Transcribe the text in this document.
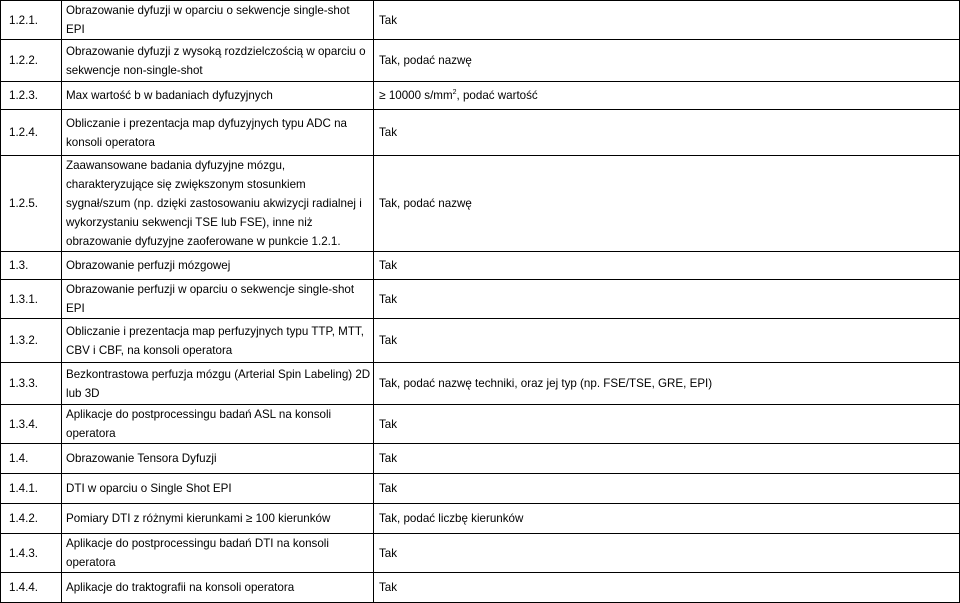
1.2.1.	Obrazowanie dyfuzji w oparciu o sekwencje single-shot EPI	Tak
1.2.2.	Obrazowanie dyfuzji z wysoką rozdzielczością w oparciu o sekwencje non-single-shot	Tak, podać nazwę
1.2.3.	Max wartość b w badaniach dyfuzyjnych	≥ 10000 $s/mm^2$, podać wartość
1.2.4.	Obliczanie i prezentacja map dyfuzyjnych typu ADC na konsoli operatora	Tak
1.2.5.	Zaawansowane badania dyfuzyjne mózgu, charakteryzujące się zwiększonym stosunkiem sygnał/szum (np. dzięki zastosowaniu akwizycji radialnej i wykorzystaniu sekwencji TSE lub FSE), inne niż obrazowanie dyfuzyjne zaoferowane w punkcie 1.2.1.	Tak, podać nazwę
1.3.	Obrazowanie perfuzji mózgowej	Tak
1.3.1.	Obrazowanie perfuzji w oparciu o sekwencje single-shot EPI	Tak
1.3.2.	Obliczanie i prezentacja map perfuzyjnych typu TTP, MTT, CBV i CBF, na konsoli operatora	Tak
1.3.3.	Bezkontrastowa perfuzja mózgu (Arterial Spin Labeling) 2D lub 3D	Tak, podać nazwę techniki, oraz jej typ (np. FSE/TSE, GRE, EPI)
1.3.4.	Aplikacje do postprocessingu badań ASL na konsoli operatora	Tak
1.4.	Obrazowanie Tensora Dyfuzji	Tak
1.4.1.	DTI w oparciu o Single Shot EPI	Tak
1.4.2.	Pomiary DTI z różnymi kierunkami ≥ 100 kierunków	Tak, podać liczbę kierunków
1.4.3.	Aplikacje do postprocessingu badań DTI na konsoli operatora	Tak
1.4.4.	Aplikacje do traktografii na konsoli operatora	Tak
